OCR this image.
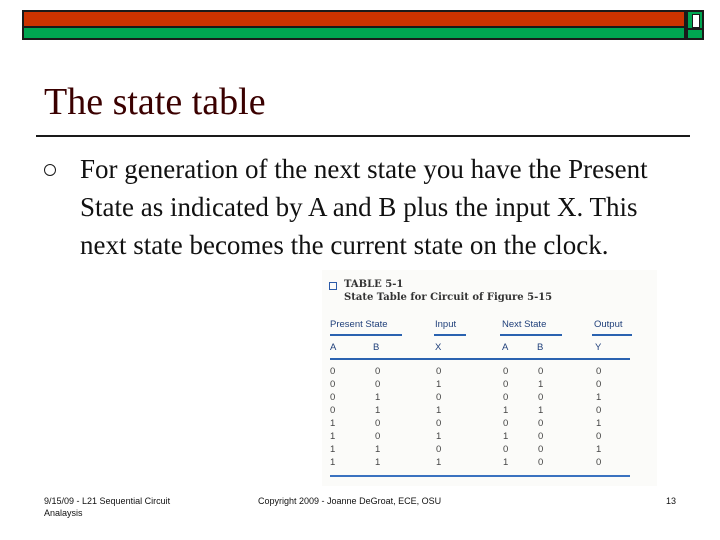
The state table
For generation of the next state you have the Present State as indicated by A and B plus the input X. This next state becomes the current state on the clock.
TABLE 5-1
State Table for Circuit of Figure 5-15
Present State	Input	Next State	Output
A	B	X	A	B	Y
0	0	0	0	0	0
0	0	1	0	1	0
0	1	0	0	0	1
0	1	1	1	1	0
1	0	0	0	0	1
1	0	1	1	0	0
1	1	0	0	0	1
1	1	1	1	0	0
9/15/09 - L21 Sequential Circuit Analaysis
Copyright 2009 - Joanne DeGroat, ECE, OSU	13
